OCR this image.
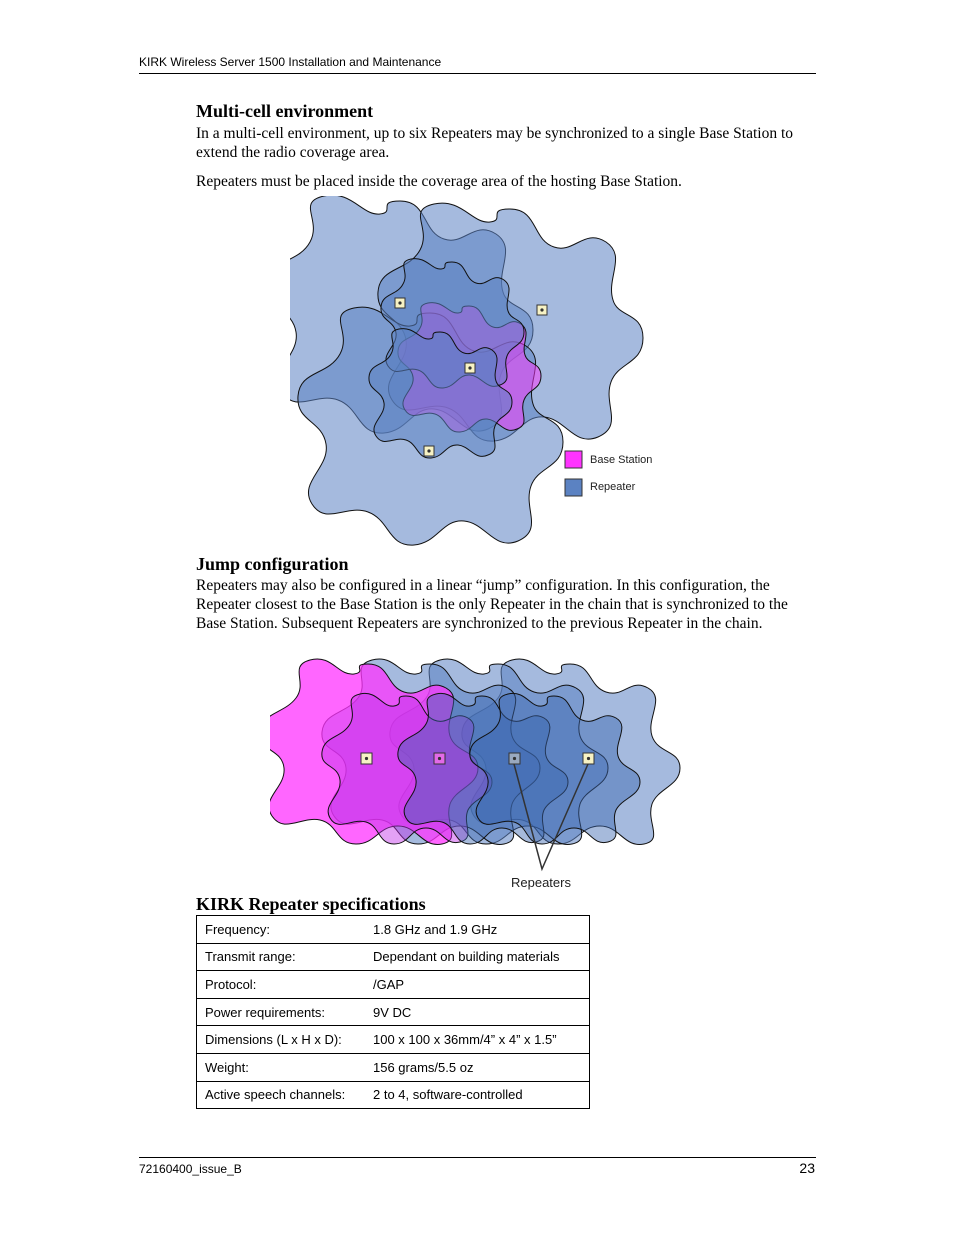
KIRK Wireless Server 1500 Installation and Maintenance
Multi-cell environment
In a multi-cell environment, up to six Repeaters may be synchronized to a single Base Station to extend the radio coverage area.
Repeaters must be placed inside the coverage area of the hosting Base Station.
Base Station
Repeater
Jump configuration
Repeaters may also be configured in a linear “jump” configuration. In this configuration, the Repeater closest to the Base Station is the only Repeater in the chain that is synchronized to the Base Station. Subsequent Repeaters are synchronized to the previous Repeater in the chain.
Repeaters
KIRK Repeater specifications
Frequency:	1.8 GHz and 1.9 GHz
Transmit range:	Dependant on building materials
Protocol:	/GAP
Power requirements:	9V DC
Dimensions (L x H x D):	100 x 100 x 36mm/4” x 4” x 1.5”
Weight:	156 grams/5.5 oz
Active speech channels:	2 to 4, software-controlled
72160400_issue_B	23
